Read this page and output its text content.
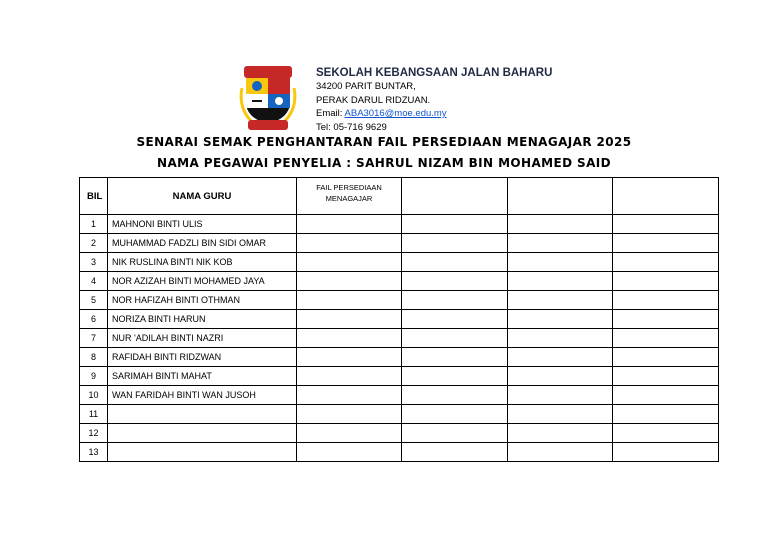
SEKOLAH KEBANGSAAN JALAN BAHARU
34200 PARIT BUNTAR,
PERAK DARUL RIDZUAN.
Email: ABA3016@moe.edu.my
Tel: 05-716 9629
SENARAI SEMAK PENGHANTARAN FAIL PERSEDIAAN MENAGAJAR 2025
NAMA PEGAWAI PENYELIA : SAHRUL NIZAM BIN MOHAMED SAID
BIL	NAMA GURU	FAIL PERSEDIAAN MENAGAJAR			
1	MAHNONI BINTI ULIS				
2	MUHAMMAD FADZLI BIN SIDI OMAR				
3	NIK RUSLINA BINTI NIK KOB				
4	NOR AZIZAH BINTI MOHAMED JAYA				
5	NOR HAFIZAH BINTI OTHMAN				
6	NORIZA BINTI HARUN				
7	NUR 'ADILAH BINTI NAZRI				
8	RAFIDAH BINTI RIDZWAN				
9	SARIMAH BINTI MAHAT				
10	WAN FARIDAH BINTI WAN JUSOH				
11					
12					
13					
